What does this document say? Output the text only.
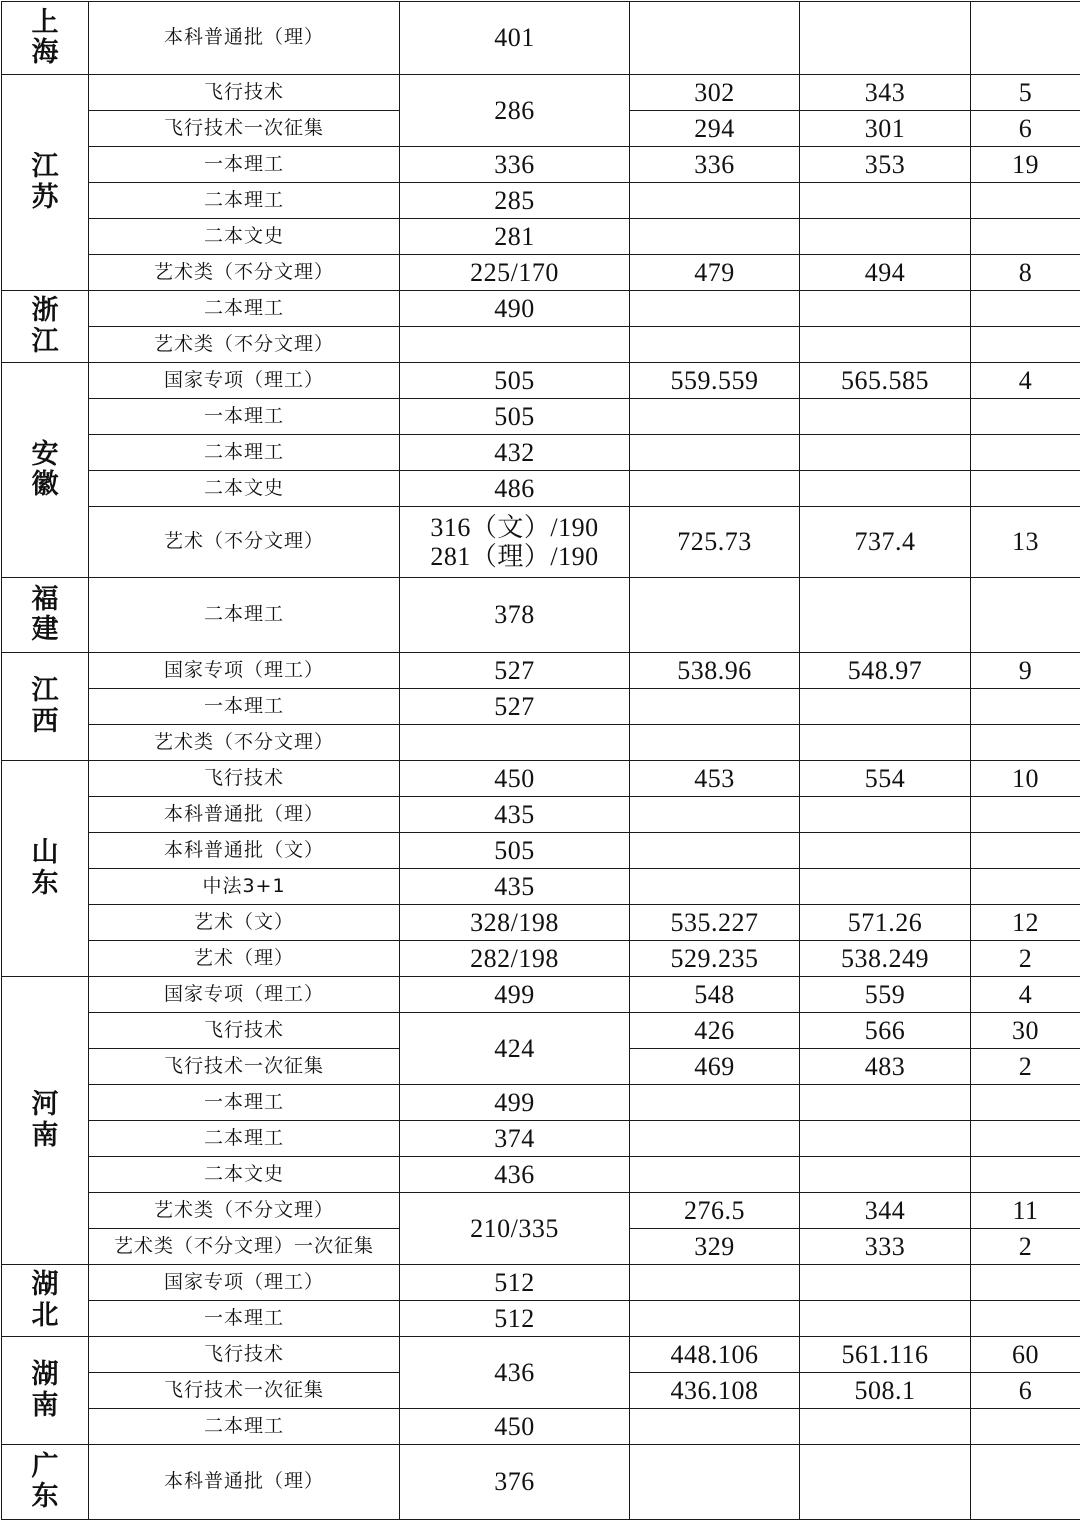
上
海	本科普通批（理）	401			

江
苏	飞行技术	286	302	343	5
	飞行技术一次征集		294	301	6
	一本理工	336	336	353	19
	二本理工	285			
	二本文史	281			
	艺术类（不分文理）	225/170	479	494	8

浙
江	二本理工	490			
	艺术类（不分文理）				

安
徽	国家专项（理工）	505	559.559	565.585	4
	一本理工	505			
	二本理工	432			
	二本文史	486			
	艺术（不分文理）	316（文）/190
281（理）/190	725.73	737.4	13

福
建	二本理工	378			

江
西	国家专项（理工）	527	538.96	548.97	9
	一本理工	527			
	艺术类（不分文理）				

山
东	飞行技术	450	453	554	10
	本科普通批（理）	435			
	本科普通批（文）	505			
	中法3+1	435			
	艺术（文）	328/198	535.227	571.26	12
	艺术（理）	282/198	529.235	538.249	2

河
南	国家专项（理工）	499	548	559	4
	飞行技术	424	426	566	30
	飞行技术一次征集		469	483	2
	一本理工	499			
	二本理工	374			
	二本文史	436			
	艺术类（不分文理）	210/335	276.5	344	11
	艺术类（不分文理）一次征集		329	333	2

湖
北	国家专项（理工）	512			
	一本理工	512			

湖
南	飞行技术	436	448.106	561.116	60
	飞行技术一次征集		436.108	508.1	6
	二本理工	450			

广
东	本科普通批（理）	376			
